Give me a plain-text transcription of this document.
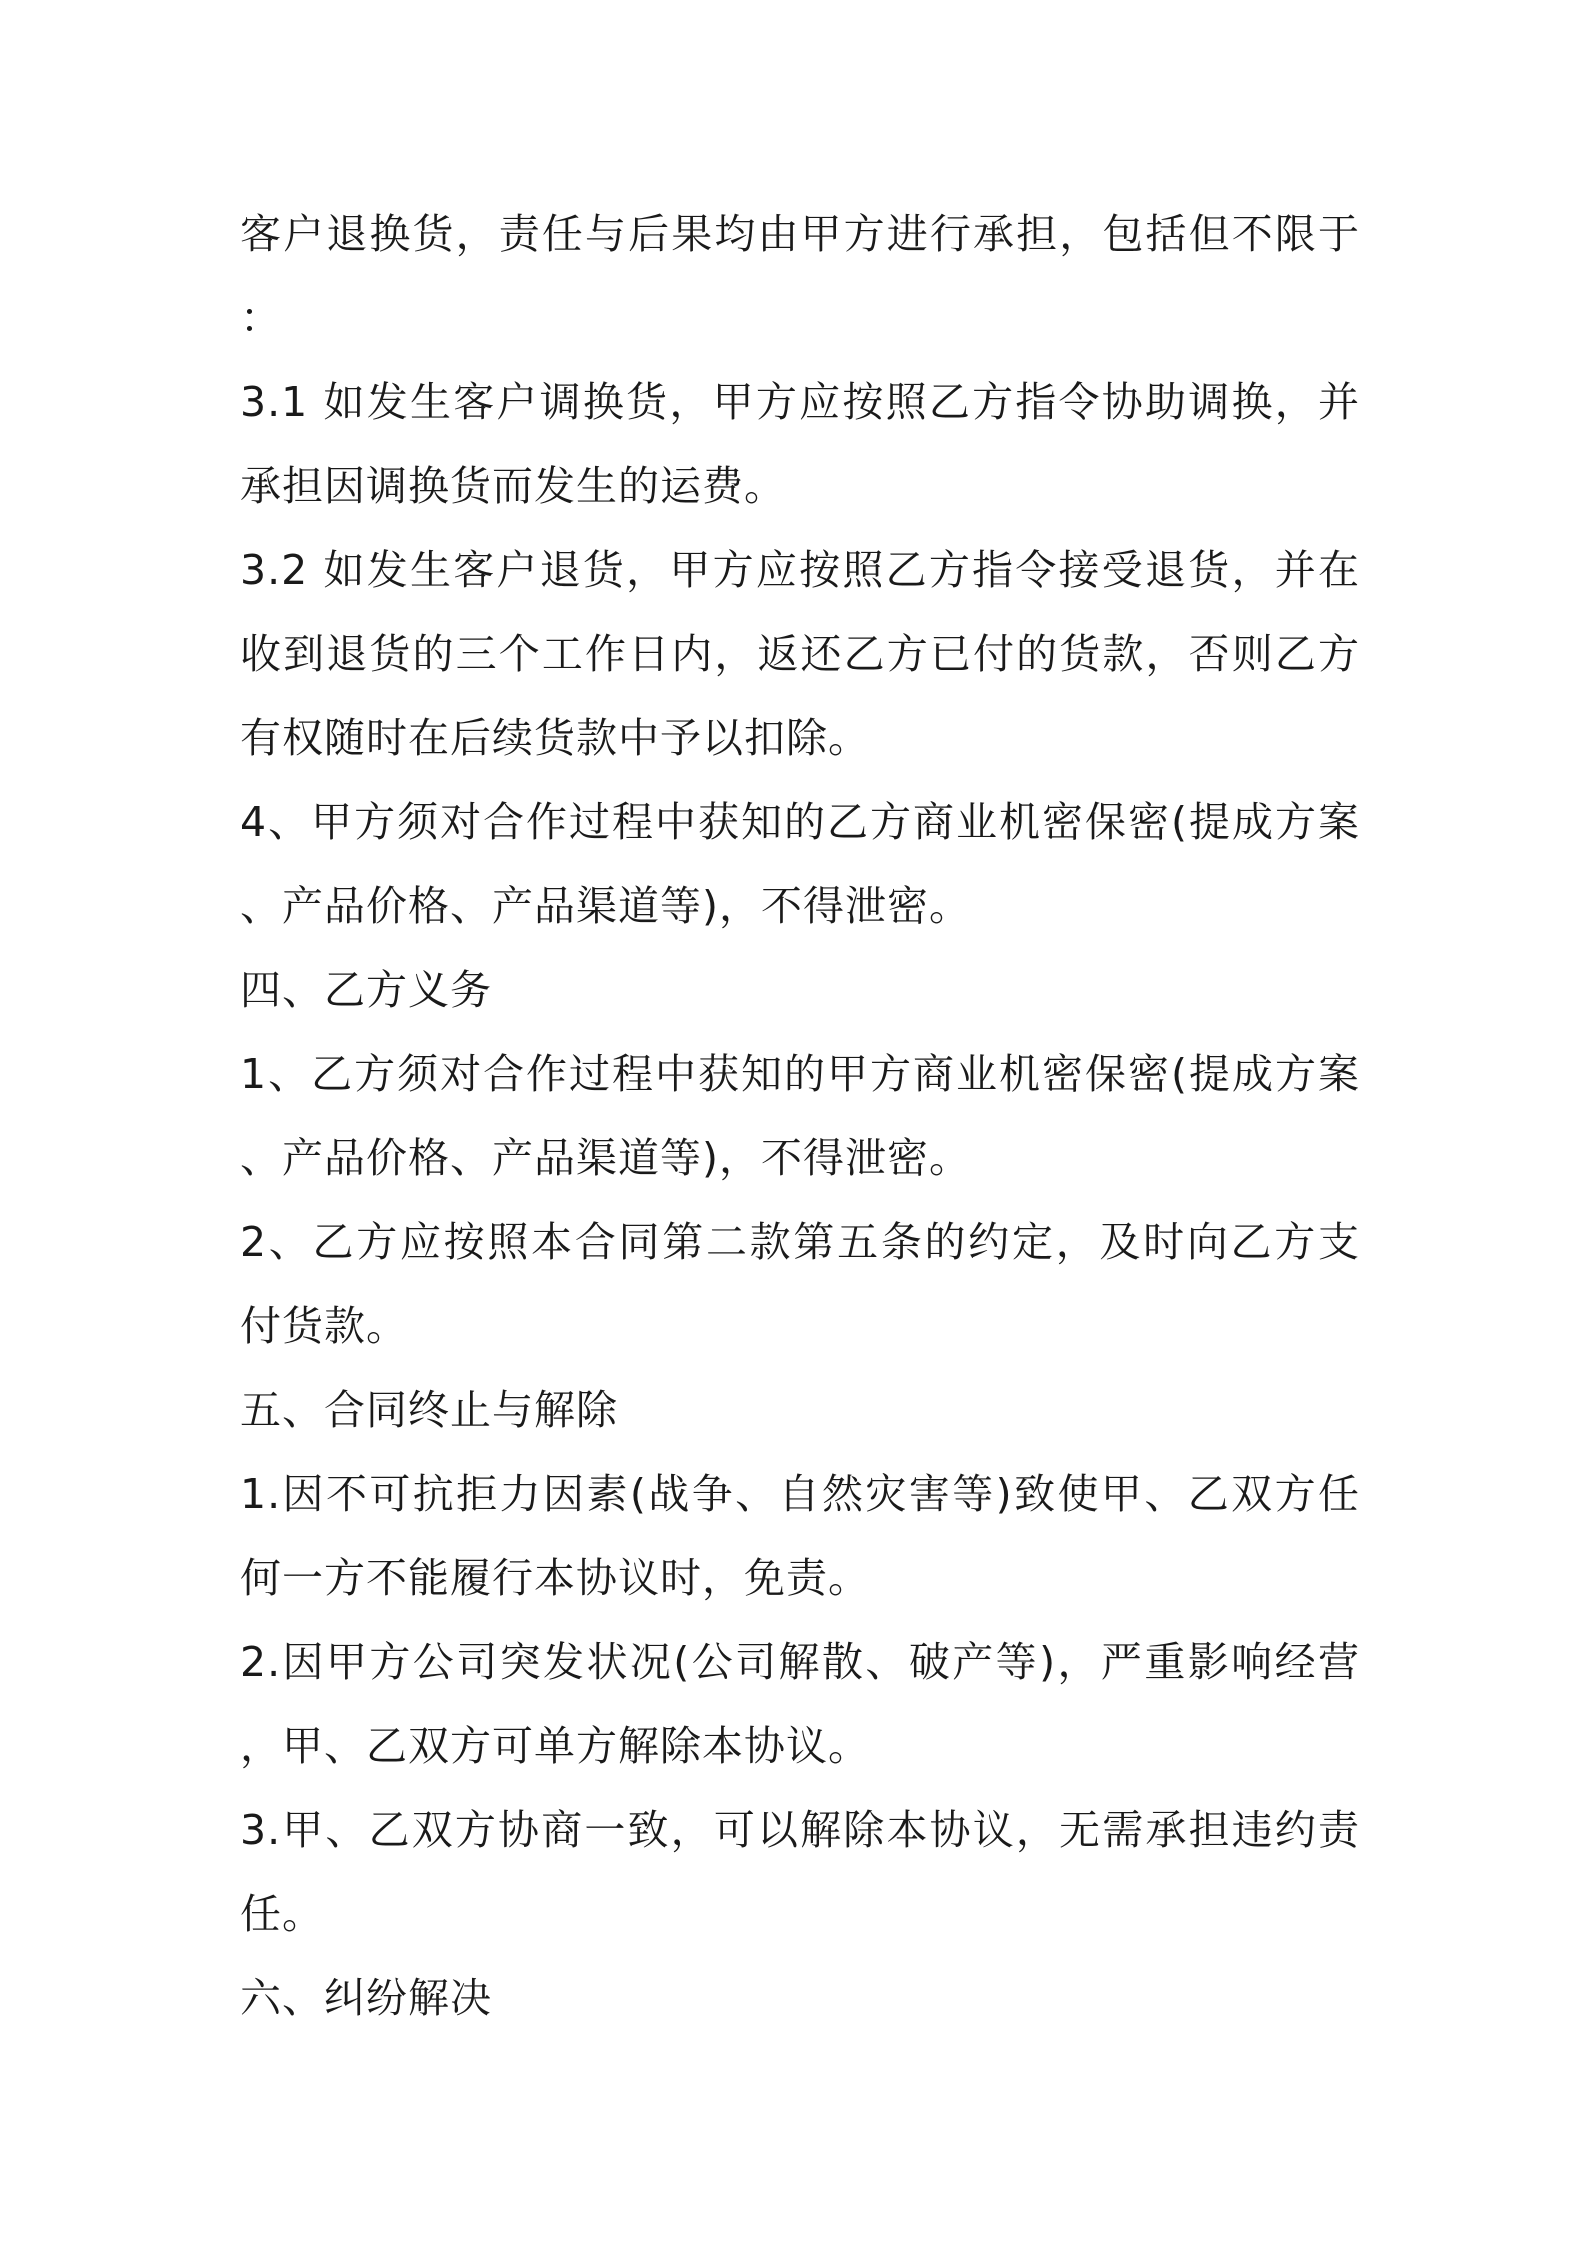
客户退换货，责任与后果均由甲方进行承担，包括但不限于
：
3.1 如发生客户调换货，甲方应按照乙方指令协助调换，并
承担因调换货而发生的运费。
3.2 如发生客户退货，甲方应按照乙方指令接受退货，并在
收到退货的三个工作日内，返还乙方已付的货款，否则乙方
有权随时在后续货款中予以扣除。
4、甲方须对合作过程中获知的乙方商业机密保密(提成方案
、产品价格、产品渠道等)，不得泄密。
四、乙方义务
1、乙方须对合作过程中获知的甲方商业机密保密(提成方案
、产品价格、产品渠道等)，不得泄密。
2、乙方应按照本合同第二款第五条的约定，及时向乙方支
付货款。
五、合同终止与解除
1.因不可抗拒力因素(战争、自然灾害等)致使甲、乙双方任
何一方不能履行本协议时，免责。
2.因甲方公司突发状况(公司解散、破产等)，严重影响经营
，甲、乙双方可单方解除本协议。
3.甲、乙双方协商一致，可以解除本协议，无需承担违约责
任。
六、纠纷解决
